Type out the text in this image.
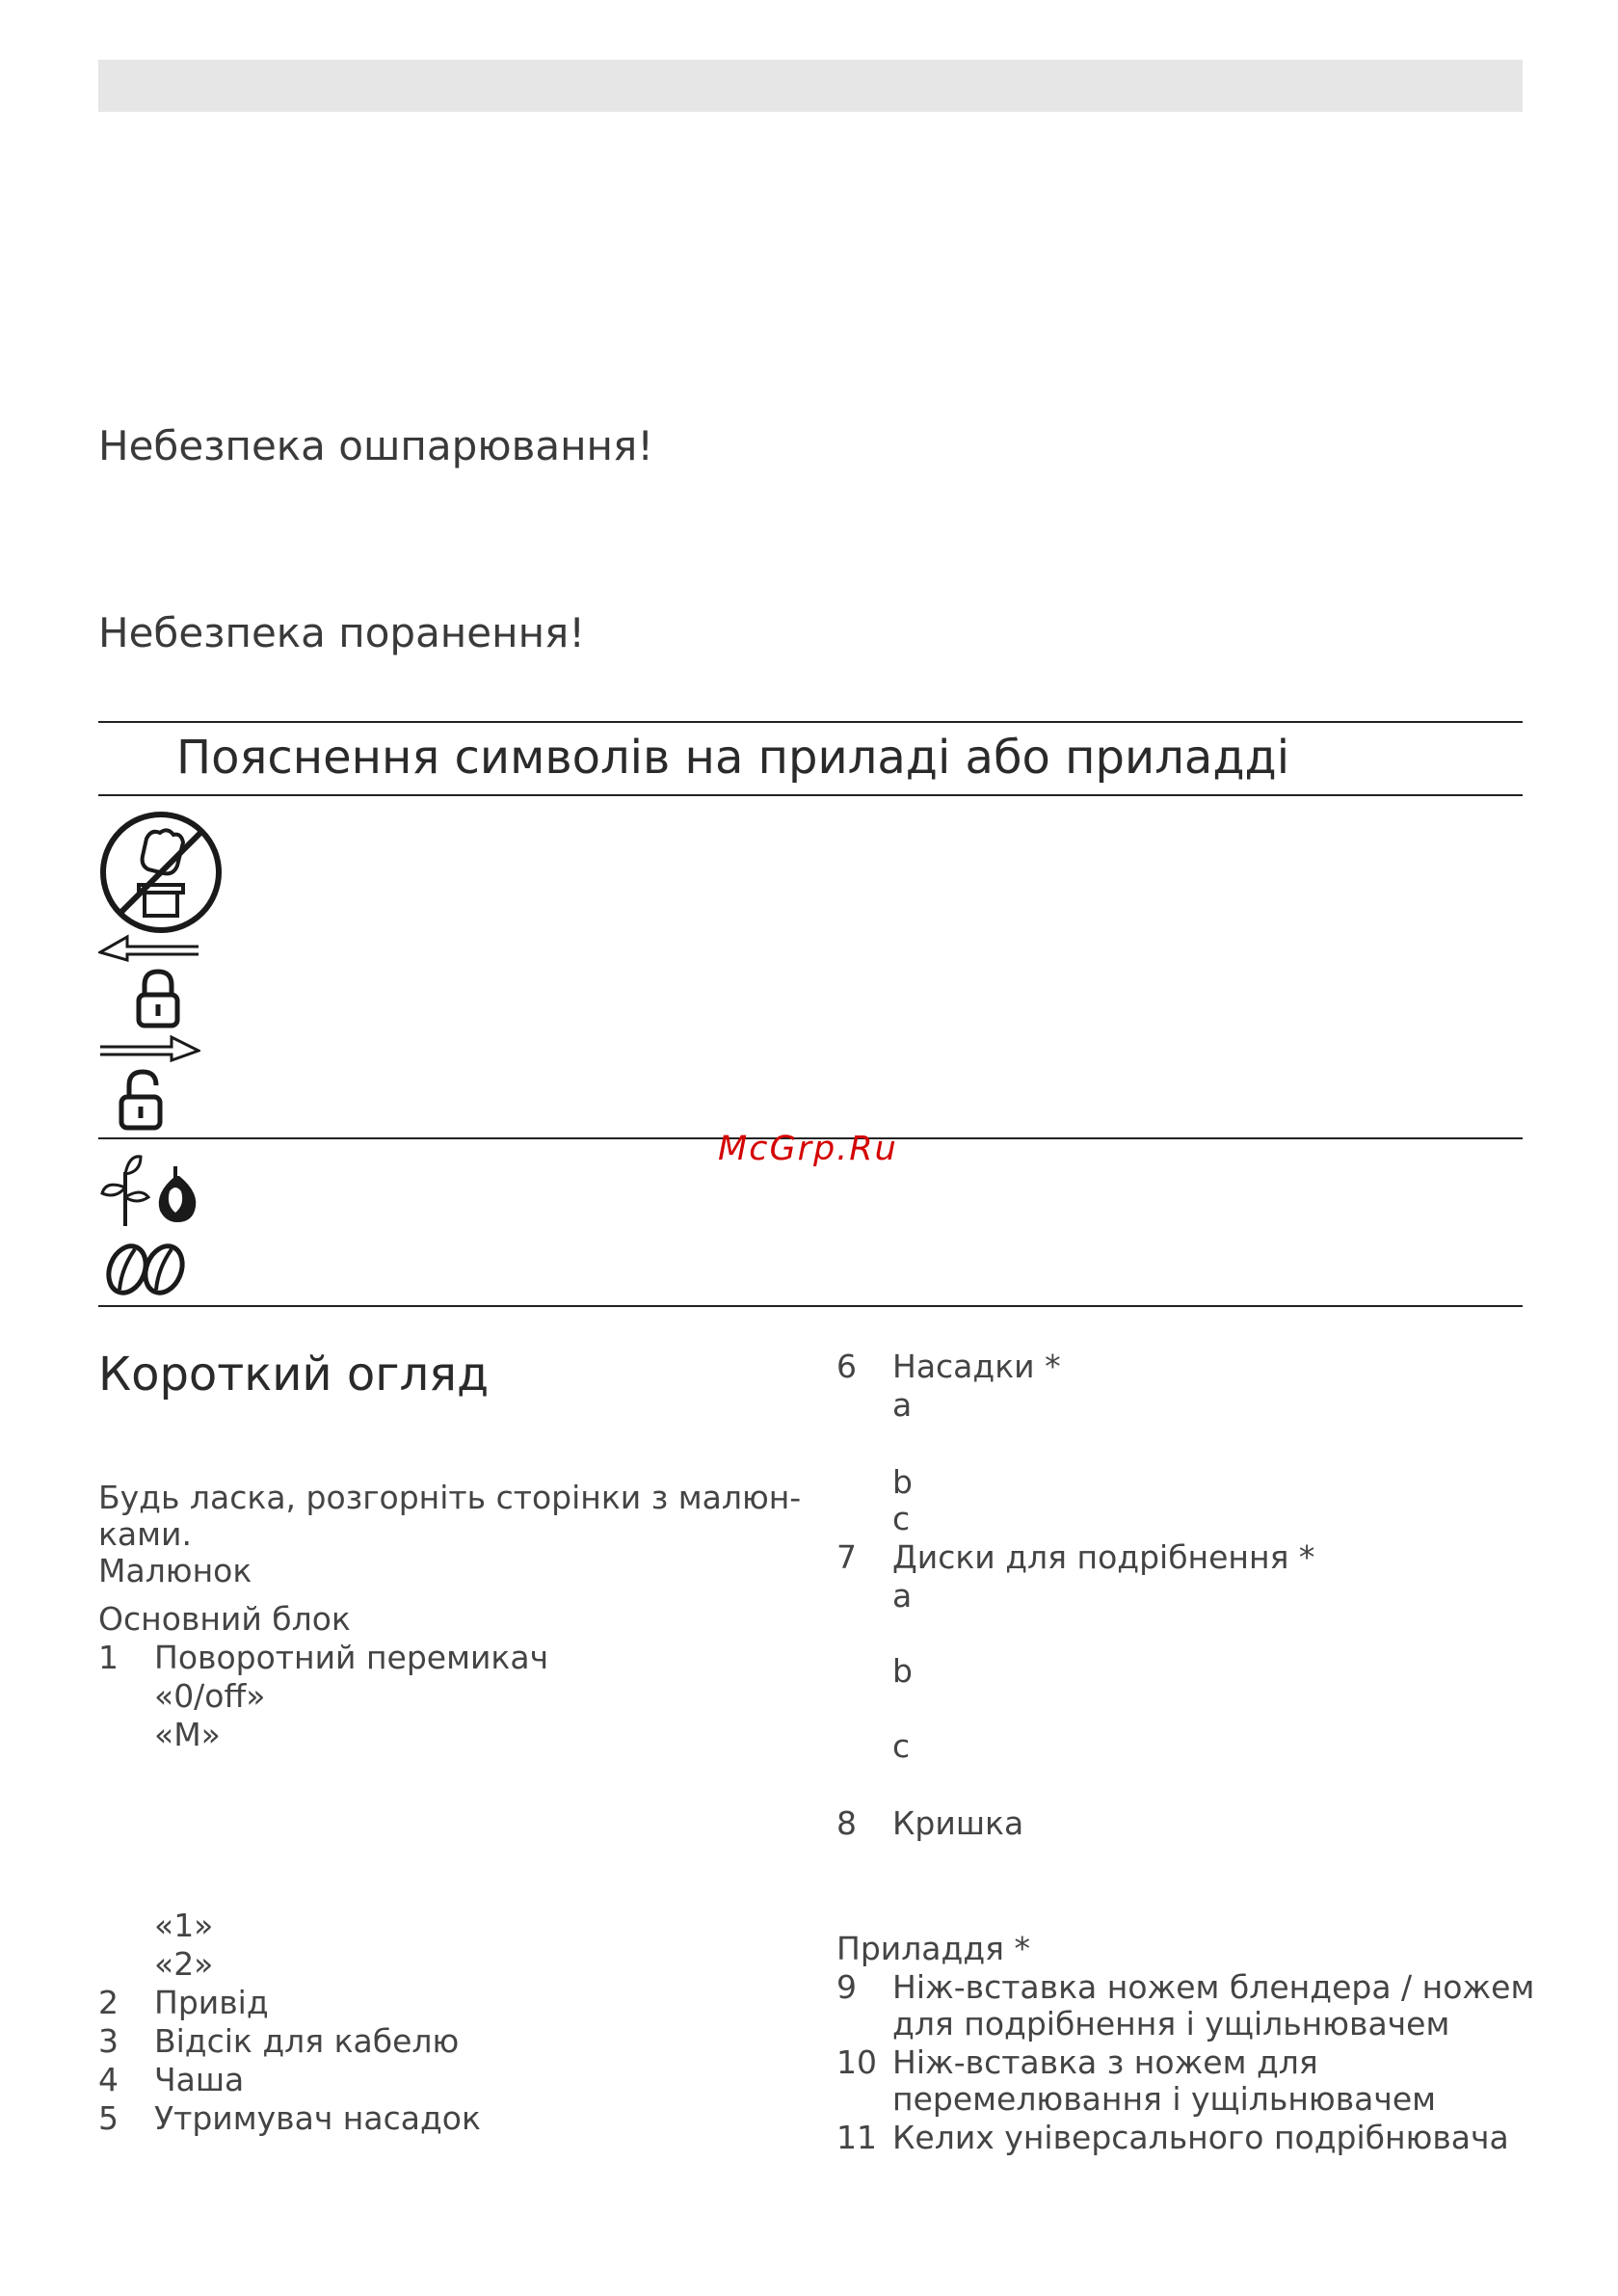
Небезпека ошпарювання!
Небезпека поранення!
Пояснення символів на приладі або приладді
McGrp.Ru
Короткий огляд
Будь ласка, розгорніть сторінки з малюн-
ками.
Малюнок
Основний блок
1 Поворотний перемикач
«0/off»
«M»
«1»
«2»
2 Привід
3 Відсік для кабелю
4 Чаша
5 Утримувач насадок
6 Насадки *
a
b
c
7 Диски для подрібнення *
a
b
c
8 Кришка
Приладдя *
9 Ніж-вставка ножем блендера / ножем
для подрібнення і ущільнювачем
10 Ніж-вставка з ножем для
перемелювання і ущільнювачем
11 Келих універсального подрібнювача
